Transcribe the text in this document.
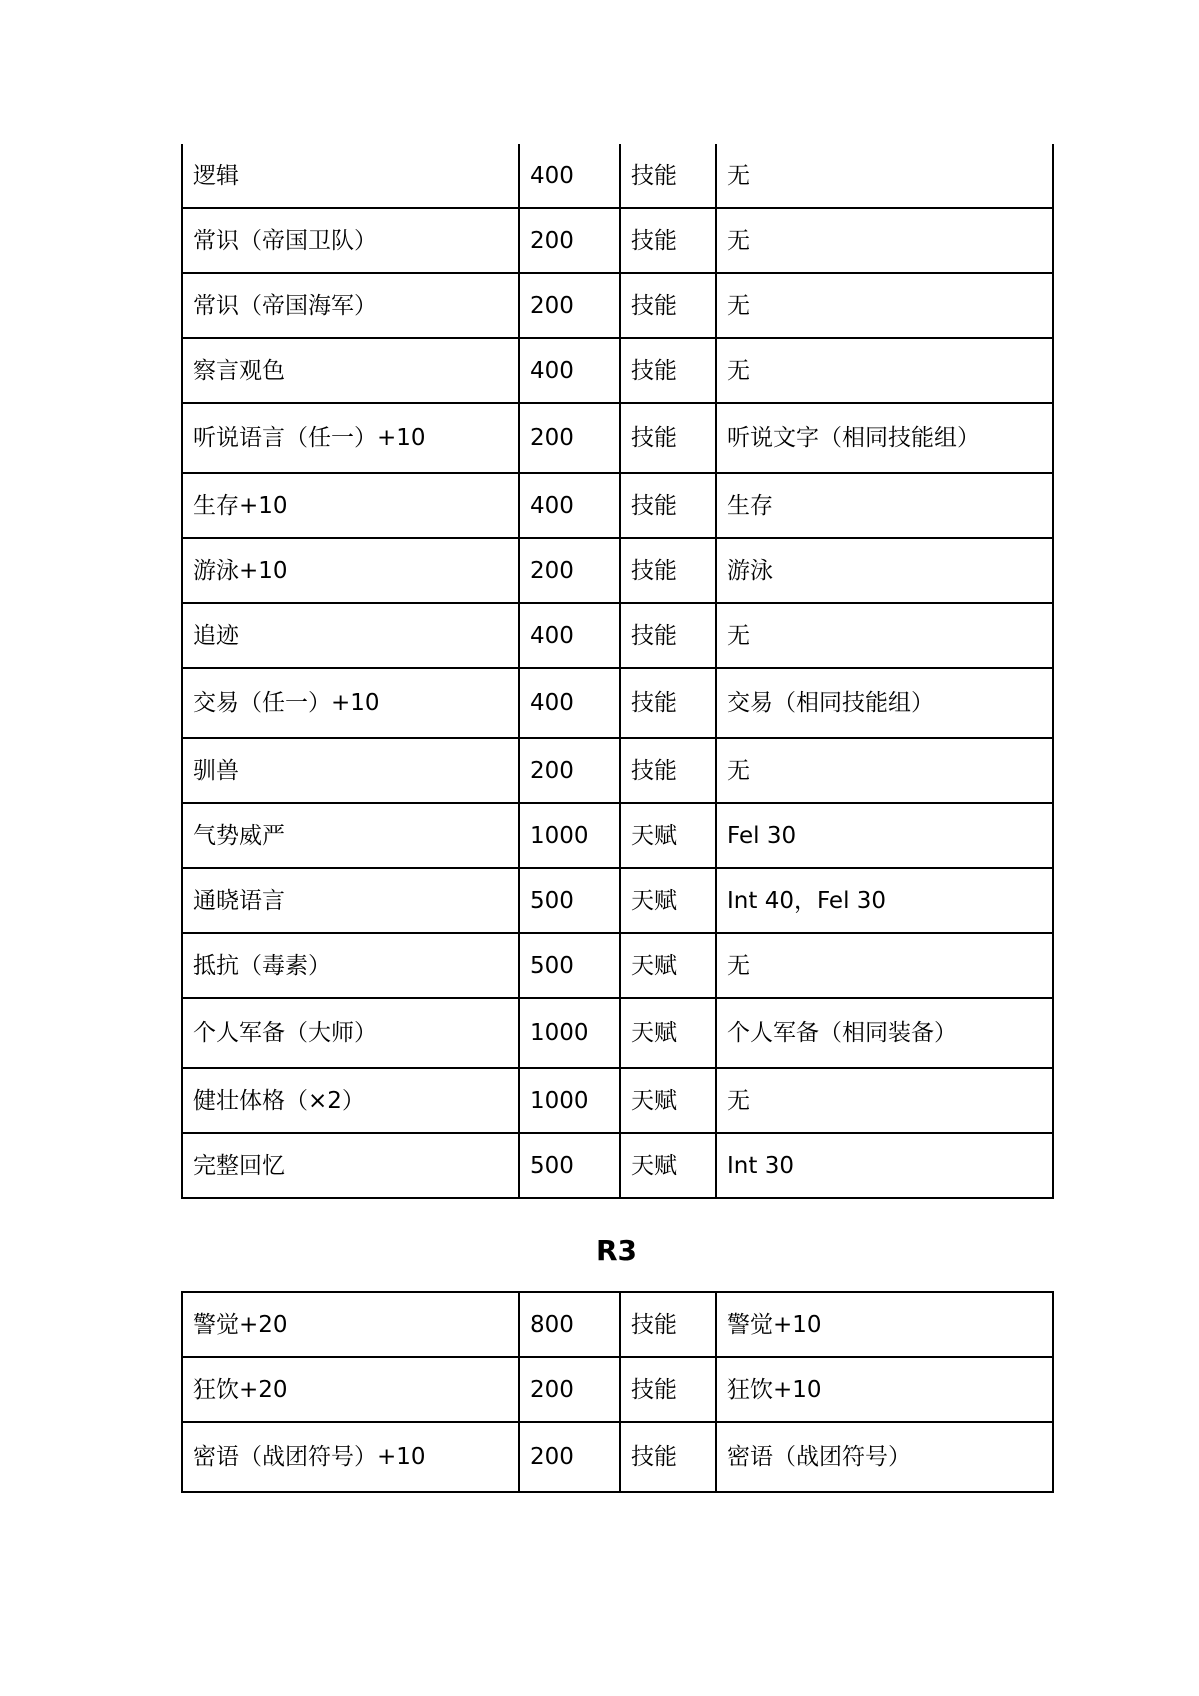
逻辑	400	技能	无
常识（帝国卫队）	200	技能	无
常识（帝国海军）	200	技能	无
察言观色	400	技能	无
听说语言（任一）+10	200	技能	听说文字（相同技能组）
生存+10	400	技能	生存
游泳+10	200	技能	游泳
追迹	400	技能	无
交易（任一）+10	400	技能	交易（相同技能组）
驯兽	200	技能	无
气势威严	1000	天赋	Fel 30
通晓语言	500	天赋	Int 40，Fel 30
抵抗（毒素）	500	天赋	无
个人军备（大师）	1000	天赋	个人军备（相同装备）
健壮体格（×2）	1000	天赋	无
完整回忆	500	天赋	Int 30
R3
警觉+20	800	技能	警觉+10
狂饮+20	200	技能	狂饮+10
密语（战团符号）+10	200	技能	密语（战团符号）
